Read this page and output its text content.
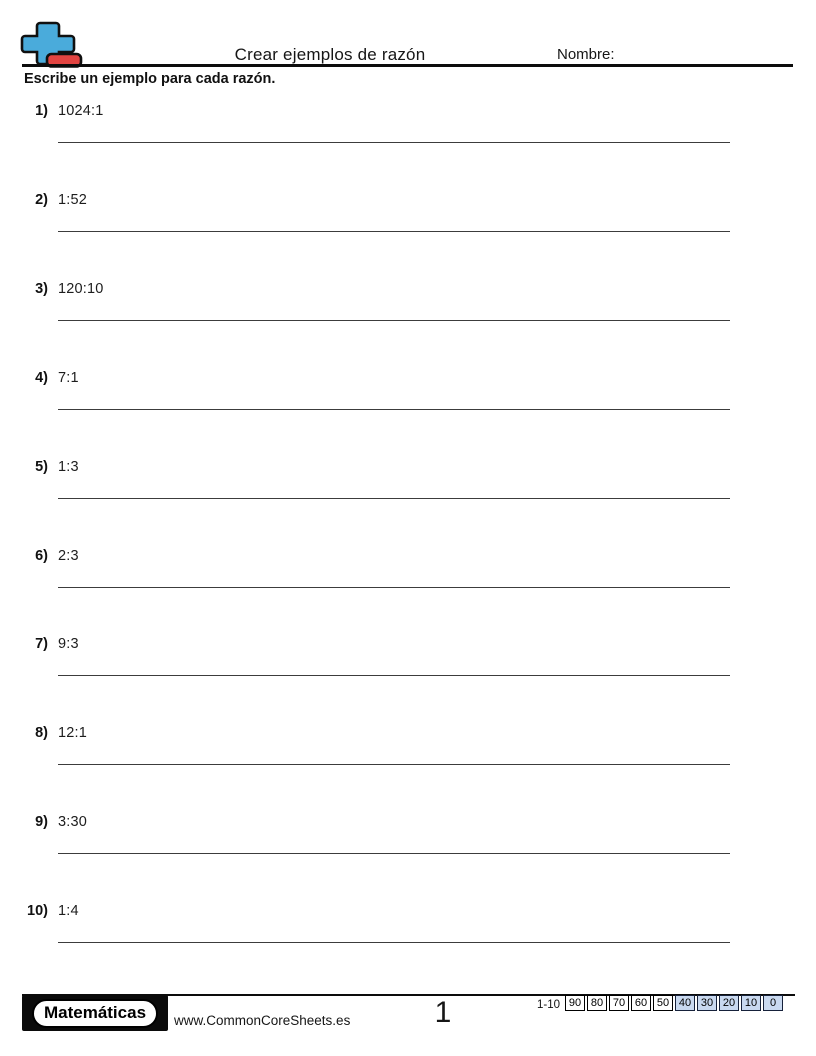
Crear ejemplos de razón	Nombre:
Escribe un ejemplo para cada razón.
1) 1024:1
2) 1:52
3) 120:10
4) 7:1
5) 1:3
6) 2:3
7) 9:3
8) 12:1
9) 3:30
10) 1:4
Matemáticas	www.CommonCoreSheets.es	1	1-10 90 80 70 60 50 40 30 20 10	0
